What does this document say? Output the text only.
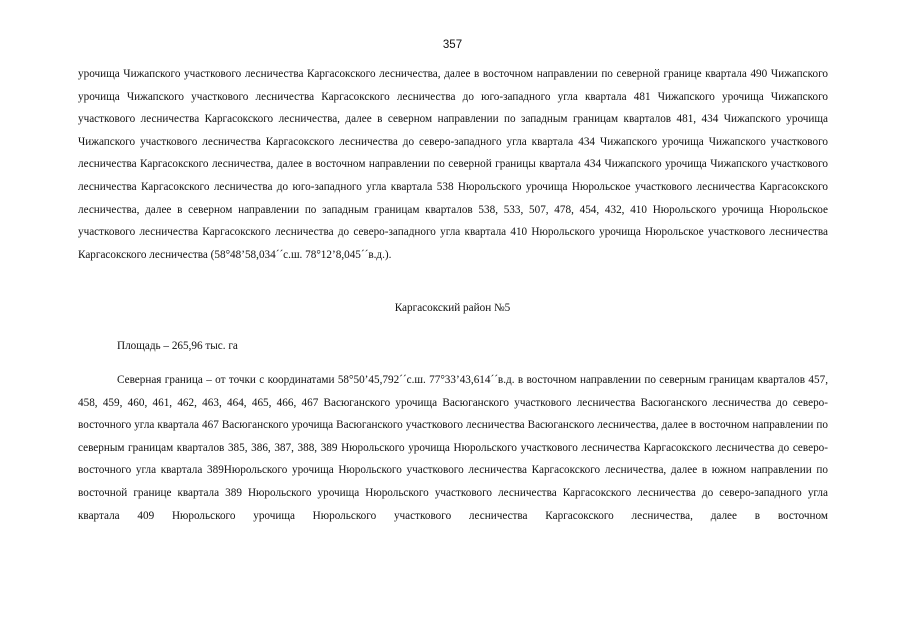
357

урочища Чижапского участкового лесничества Каргасокского лесничества, далее в восточном направлении по северной границе квартала 490 Чижапского урочища Чижапского участкового лесничества Каргасокского лесничества до юго-западного угла квартала 481 Чижапского урочища Чижапского участкового лесничества Каргасокского лесничества, далее в северном направлении по западным границам кварталов 481, 434 Чижапского урочища Чижапского участкового лесничества Каргасокского лесничества до северо-западного угла квартала 434 Чижапского урочища Чижапского участкового лесничества Каргасокского лесничества, далее в восточном направлении по северной границы квартала 434 Чижапского урочища Чижапского участкового лесничества Каргасокского лесничества до юго-западного угла квартала 538 Нюрольского урочища Нюрольское участкового лесничества Каргасокского лесничества, далее в северном направлении по западным границам кварталов 538, 533, 507, 478, 454, 432, 410 Нюрольского урочища Нюрольское участкового лесничества Каргасокского лесничества до северо-западного угла квартала 410 Нюрольского урочища Нюрольское участкового лесничества Каргасокского лесничества (58°48’58,034´´с.ш. 78°12’8,045´´в.д.).

Каргасокский район №5
Площадь – 265,96 тыс. га

Северная граница – от точки с координатами 58°50’45,792´´с.ш. 77°33’43,614´´в.д. в восточном направлении по северным границам кварталов 457, 458, 459, 460, 461, 462, 463, 464, 465, 466, 467 Васюганского урочища Васюганского участкового лесничества Васюганского лесничества до северо-восточного угла квартала 467 Васюганского урочища Васюганского участкового лесничества Васюганского лесничества, далее в восточном направлении по северным границам кварталов 385, 386, 387, 388, 389 Нюрольского урочища Нюрольского участкового лесничества Каргасокского лесничества до северо-восточного угла квартала 389Нюрольского урочища Нюрольского участкового лесничества Каргасокского лесничества, далее в южном направлении по восточной границе квартала 389 Нюрольского урочища Нюрольского участкового лесничества Каргасокского лесничества до северо-западного угла квартала 409 Нюрольского урочища Нюрольского участкового лесничества Каргасокского лесничества, далее в восточном
